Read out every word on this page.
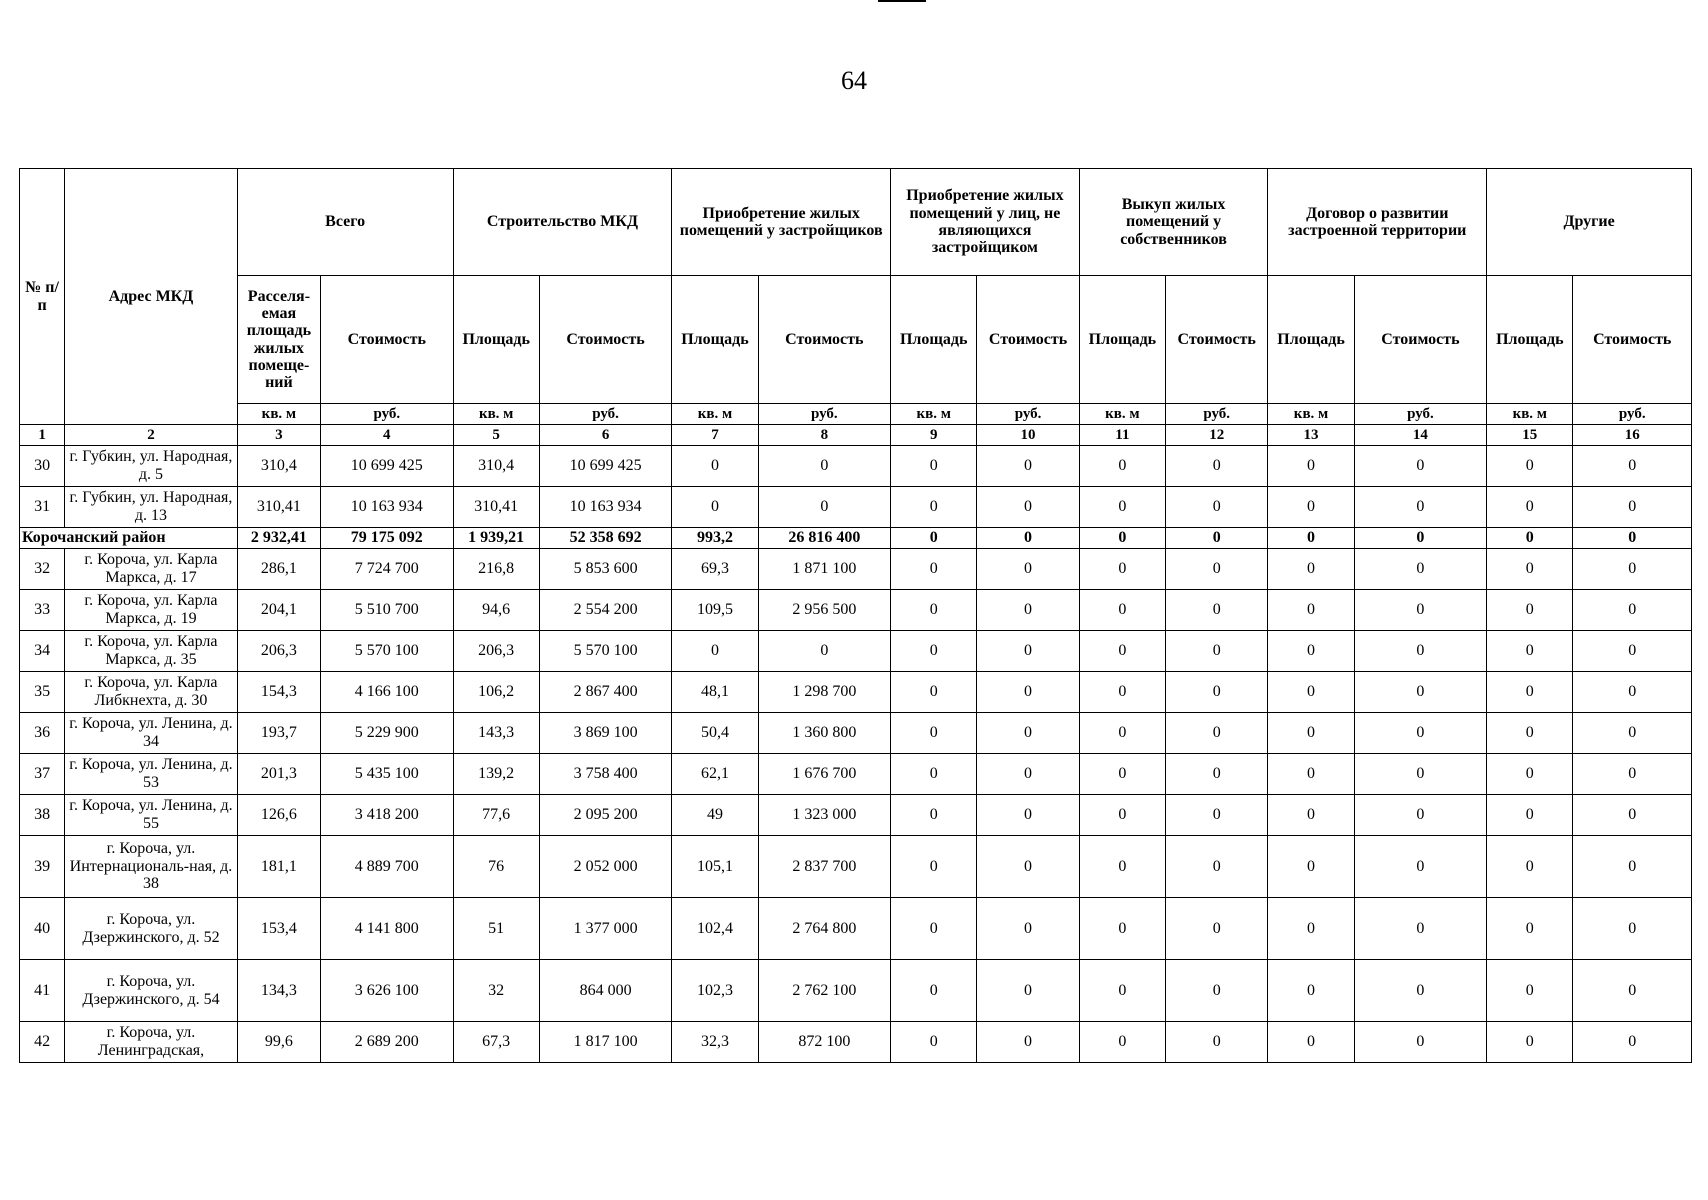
64
№ п/п	Адрес МКД	Всего		Строительство МКД		Приобретение жилых помещений у застройщиков		Приобретение жилых помещений у лиц, не являющихся застройщиком		Выкуп жилых помещений у собственников		Договор о развитии застроенной территории		Другие	
		Расселя-емая площадь жилых помеще-ний	Стоимость	Площадь	Стоимость	Площадь	Стоимость	Площадь	Стоимость	Площадь	Стоимость	Площадь	Стоимость	Площадь	Стоимость
		кв. м	руб.	кв. м	руб.	кв. м	руб.	кв. м	руб.	кв. м	руб.	кв. м	руб.	кв. м	руб.
1	2	3	4	5	6	7	8	9	10	11	12	13	14	15	16
30	г. Губкин, ул. Народная, д. 5	310,4	10 699 425	310,4	10 699 425	0	0	0	0	0	0	0	0	0	0
31	г. Губкин, ул. Народная, д. 13	310,41	10 163 934	310,41	10 163 934	0	0	0	0	0	0	0	0	0	0
Корочанский район		2 932,41	79 175 092	1 939,21	52 358 692	993,2	26 816 400	0	0	0	0	0	0	0	0
32	г. Короча, ул. Карла Маркса, д. 17	286,1	7 724 700	216,8	5 853 600	69,3	1 871 100	0	0	0	0	0	0	0	0
33	г. Короча, ул. Карла Маркса, д. 19	204,1	5 510 700	94,6	2 554 200	109,5	2 956 500	0	0	0	0	0	0	0	0
34	г. Короча, ул. Карла Маркса, д. 35	206,3	5 570 100	206,3	5 570 100	0	0	0	0	0	0	0	0	0	0
35	г. Короча, ул. Карла Либкнехта, д. 30	154,3	4 166 100	106,2	2 867 400	48,1	1 298 700	0	0	0	0	0	0	0	0
36	г. Короча, ул. Ленина, д. 34	193,7	5 229 900	143,3	3 869 100	50,4	1 360 800	0	0	0	0	0	0	0	0
37	г. Короча, ул. Ленина, д. 53	201,3	5 435 100	139,2	3 758 400	62,1	1 676 700	0	0	0	0	0	0	0	0
38	г. Короча, ул. Ленина, д. 55	126,6	3 418 200	77,6	2 095 200	49	1 323 000	0	0	0	0	0	0	0	0
39	г. Короча, ул. Интернациональ-ная, д. 38	181,1	4 889 700	76	2 052 000	105,1	2 837 700	0	0	0	0	0	0	0	0
40	г. Короча, ул. Дзержинского, д. 52	153,4	4 141 800	51	1 377 000	102,4	2 764 800	0	0	0	0	0	0	0	0
41	г. Короча, ул. Дзержинского, д. 54	134,3	3 626 100	32	864 000	102,3	2 762 100	0	0	0	0	0	0	0	0
42	г. Короча, ул. Ленинградская,	99,6	2 689 200	67,3	1 817 100	32,3	872 100	0	0	0	0	0	0	0	0
